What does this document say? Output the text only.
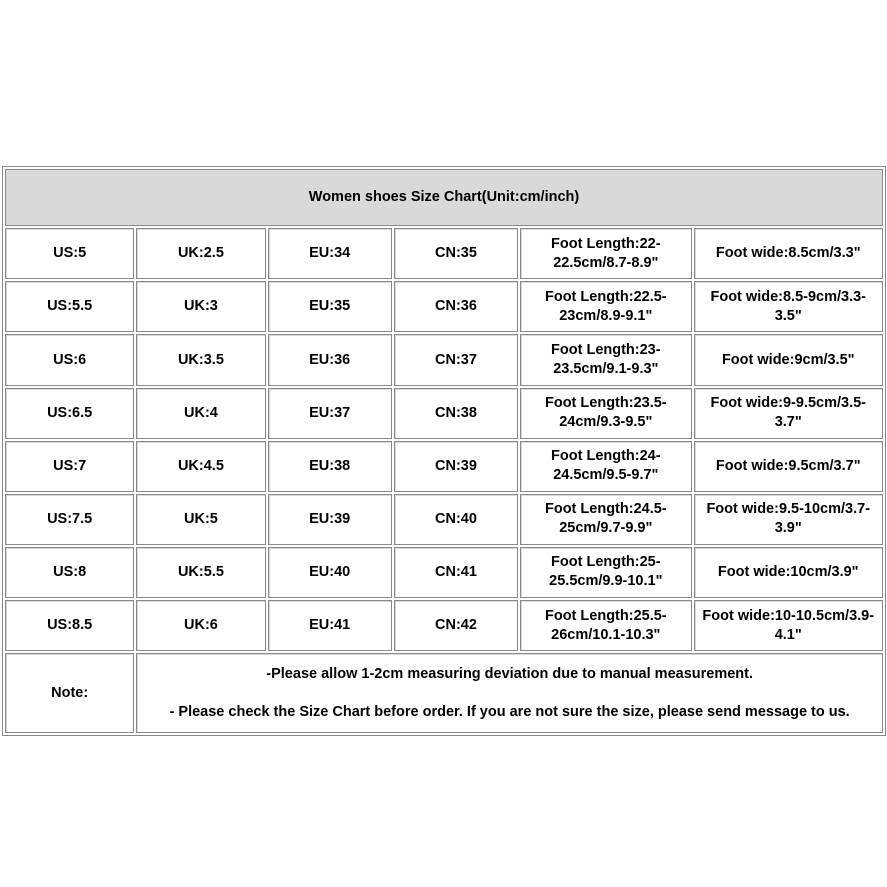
Women shoes Size Chart(Unit:cm/inch)					
US:5	UK:2.5	EU:34	CN:35	Foot Length:22-22.5cm/8.7-8.9"	Foot wide:8.5cm/3.3"
US:5.5	UK:3	EU:35	CN:36	Foot Length:22.5-23cm/8.9-9.1"	Foot wide:8.5-9cm/3.3-3.5"
US:6	UK:3.5	EU:36	CN:37	Foot Length:23-23.5cm/9.1-9.3"	Foot wide:9cm/3.5"
US:6.5	UK:4	EU:37	CN:38	Foot Length:23.5-24cm/9.3-9.5"	Foot wide:9-9.5cm/3.5-3.7"
US:7	UK:4.5	EU:38	CN:39	Foot Length:24-24.5cm/9.5-9.7"	Foot wide:9.5cm/3.7"
US:7.5	UK:5	EU:39	CN:40	Foot Length:24.5-25cm/9.7-9.9"	Foot wide:9.5-10cm/3.7-3.9"
US:8	UK:5.5	EU:40	CN:41	Foot Length:25-25.5cm/9.9-10.1"	Foot wide:10cm/3.9"
US:8.5	UK:6	EU:41	CN:42	Foot Length:25.5-26cm/10.1-10.3"	Foot wide:10-10.5cm/3.9-4.1"
Note:	-Please allow 1-2cm measuring deviation due to manual measurement.
- Please check the Size Chart before order. If you are not sure the size, please send message to us.				
